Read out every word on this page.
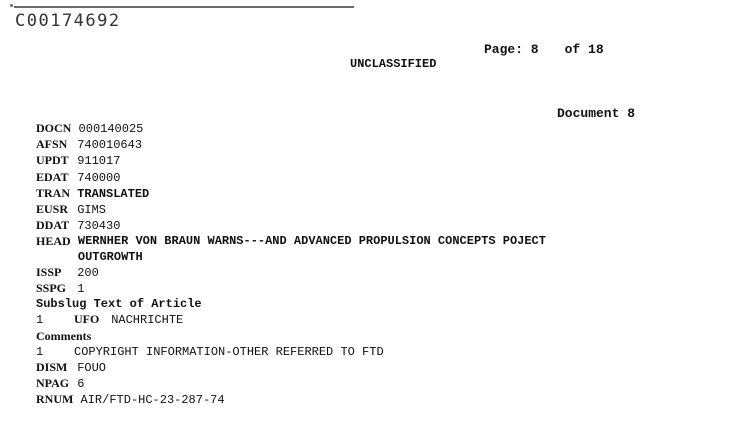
C00174692
Page: 8 of 18
UNCLASSIFIED
Document 8
DOCN 000140025
AFSN 740010643
UPDT 911017
EDAT 740000
TRAN TRANSLATED
EUSR GIMS
DDAT 730430
HEAD WERNHER VON BRAUN WARNS---AND ADVANCED PROPULSION CONCEPTS POJECT
OUTGROWTH
ISSP 200
SSPG 1
Subslug Text of Article
1	UFO NACHRICHTE
Comments
1	COPYRIGHT INFORMATION-OTHER REFERRED TO FTD
DISM FOUO
NPAG 6
RNUM AIR/FTD-HC-23-287-74
